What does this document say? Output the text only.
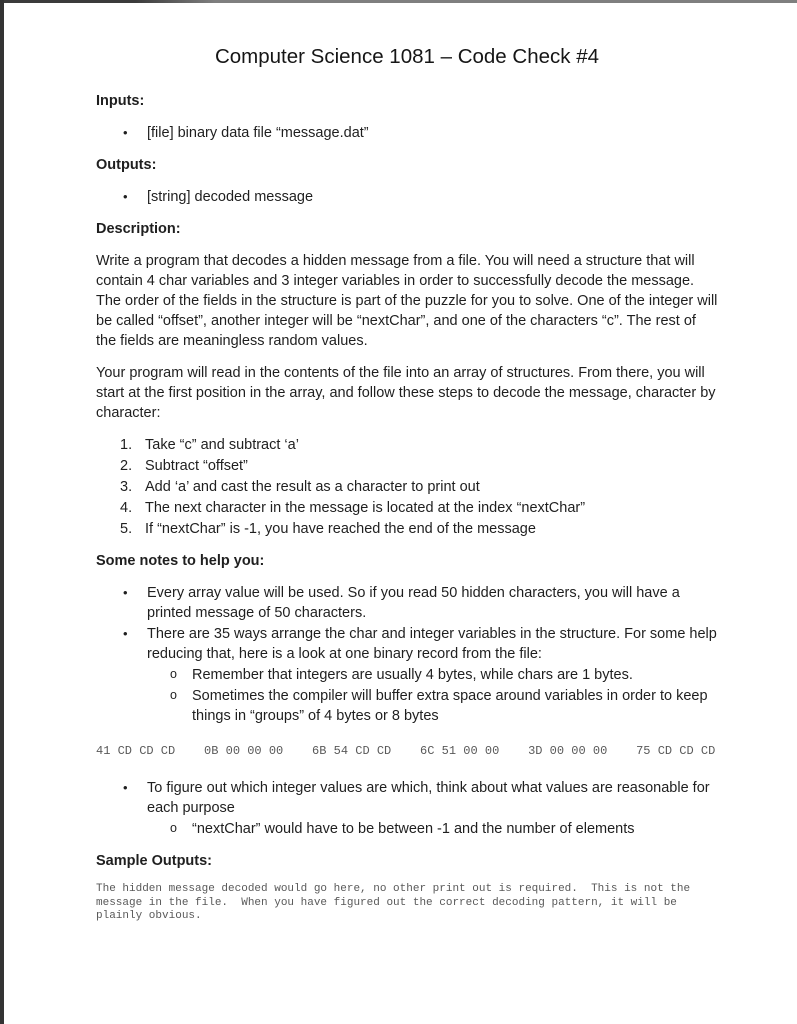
Computer Science 1081 – Code Check #4
Inputs:
•	[file] binary data file “message.dat”
Outputs:
•	[string] decoded message
Description:

Write a program that decodes a hidden message from a file. You will need a structure that will contain 4 char variables and 3 integer variables in order to successfully decode the message. The order of the fields in the structure is part of the puzzle for you to solve. One of the integer will be called “offset”, another integer will be “nextChar”, and one of the characters “c”. The rest of the fields are meaningless random values.

Your program will read in the contents of the file into an array of structures. From there, you will start at the first position in the array, and follow these steps to decode the message, character by character:

1. Take “c” and subtract ‘a’
2. Subtract “offset”
3. Add ‘a’ and cast the result as a character to print out
4. The next character in the message is located at the index “nextChar”
5. If “nextChar” is -1, you have reached the end of the message
Some notes to help you:
•	Every array value will be used. So if you read 50 hidden characters, you will have a printed message of 50 characters.
•	There are 35 ways arrange the char and integer variables in the structure. For some help reducing that, here is a look at one binary record from the file:
o	Remember that integers are usually 4 bytes, while chars are 1 bytes.
o	Sometimes the compiler will buffer extra space around variables in order to keep things in “groups” of 4 bytes or 8 bytes
41 CD CD CD    0B 00 00 00    6B 54 CD CD    6C 51 00 00    3D 00 00 00    75 CD CD CD
•	To figure out which integer values are which, think about what values are reasonable for each purpose
o	“nextChar” would have to be between -1 and the number of elements
Sample Outputs:

The hidden message decoded would go here, no other print out is required.  This is not the message in the file.  When you have figured out the correct decoding pattern, it will be plainly obvious.
